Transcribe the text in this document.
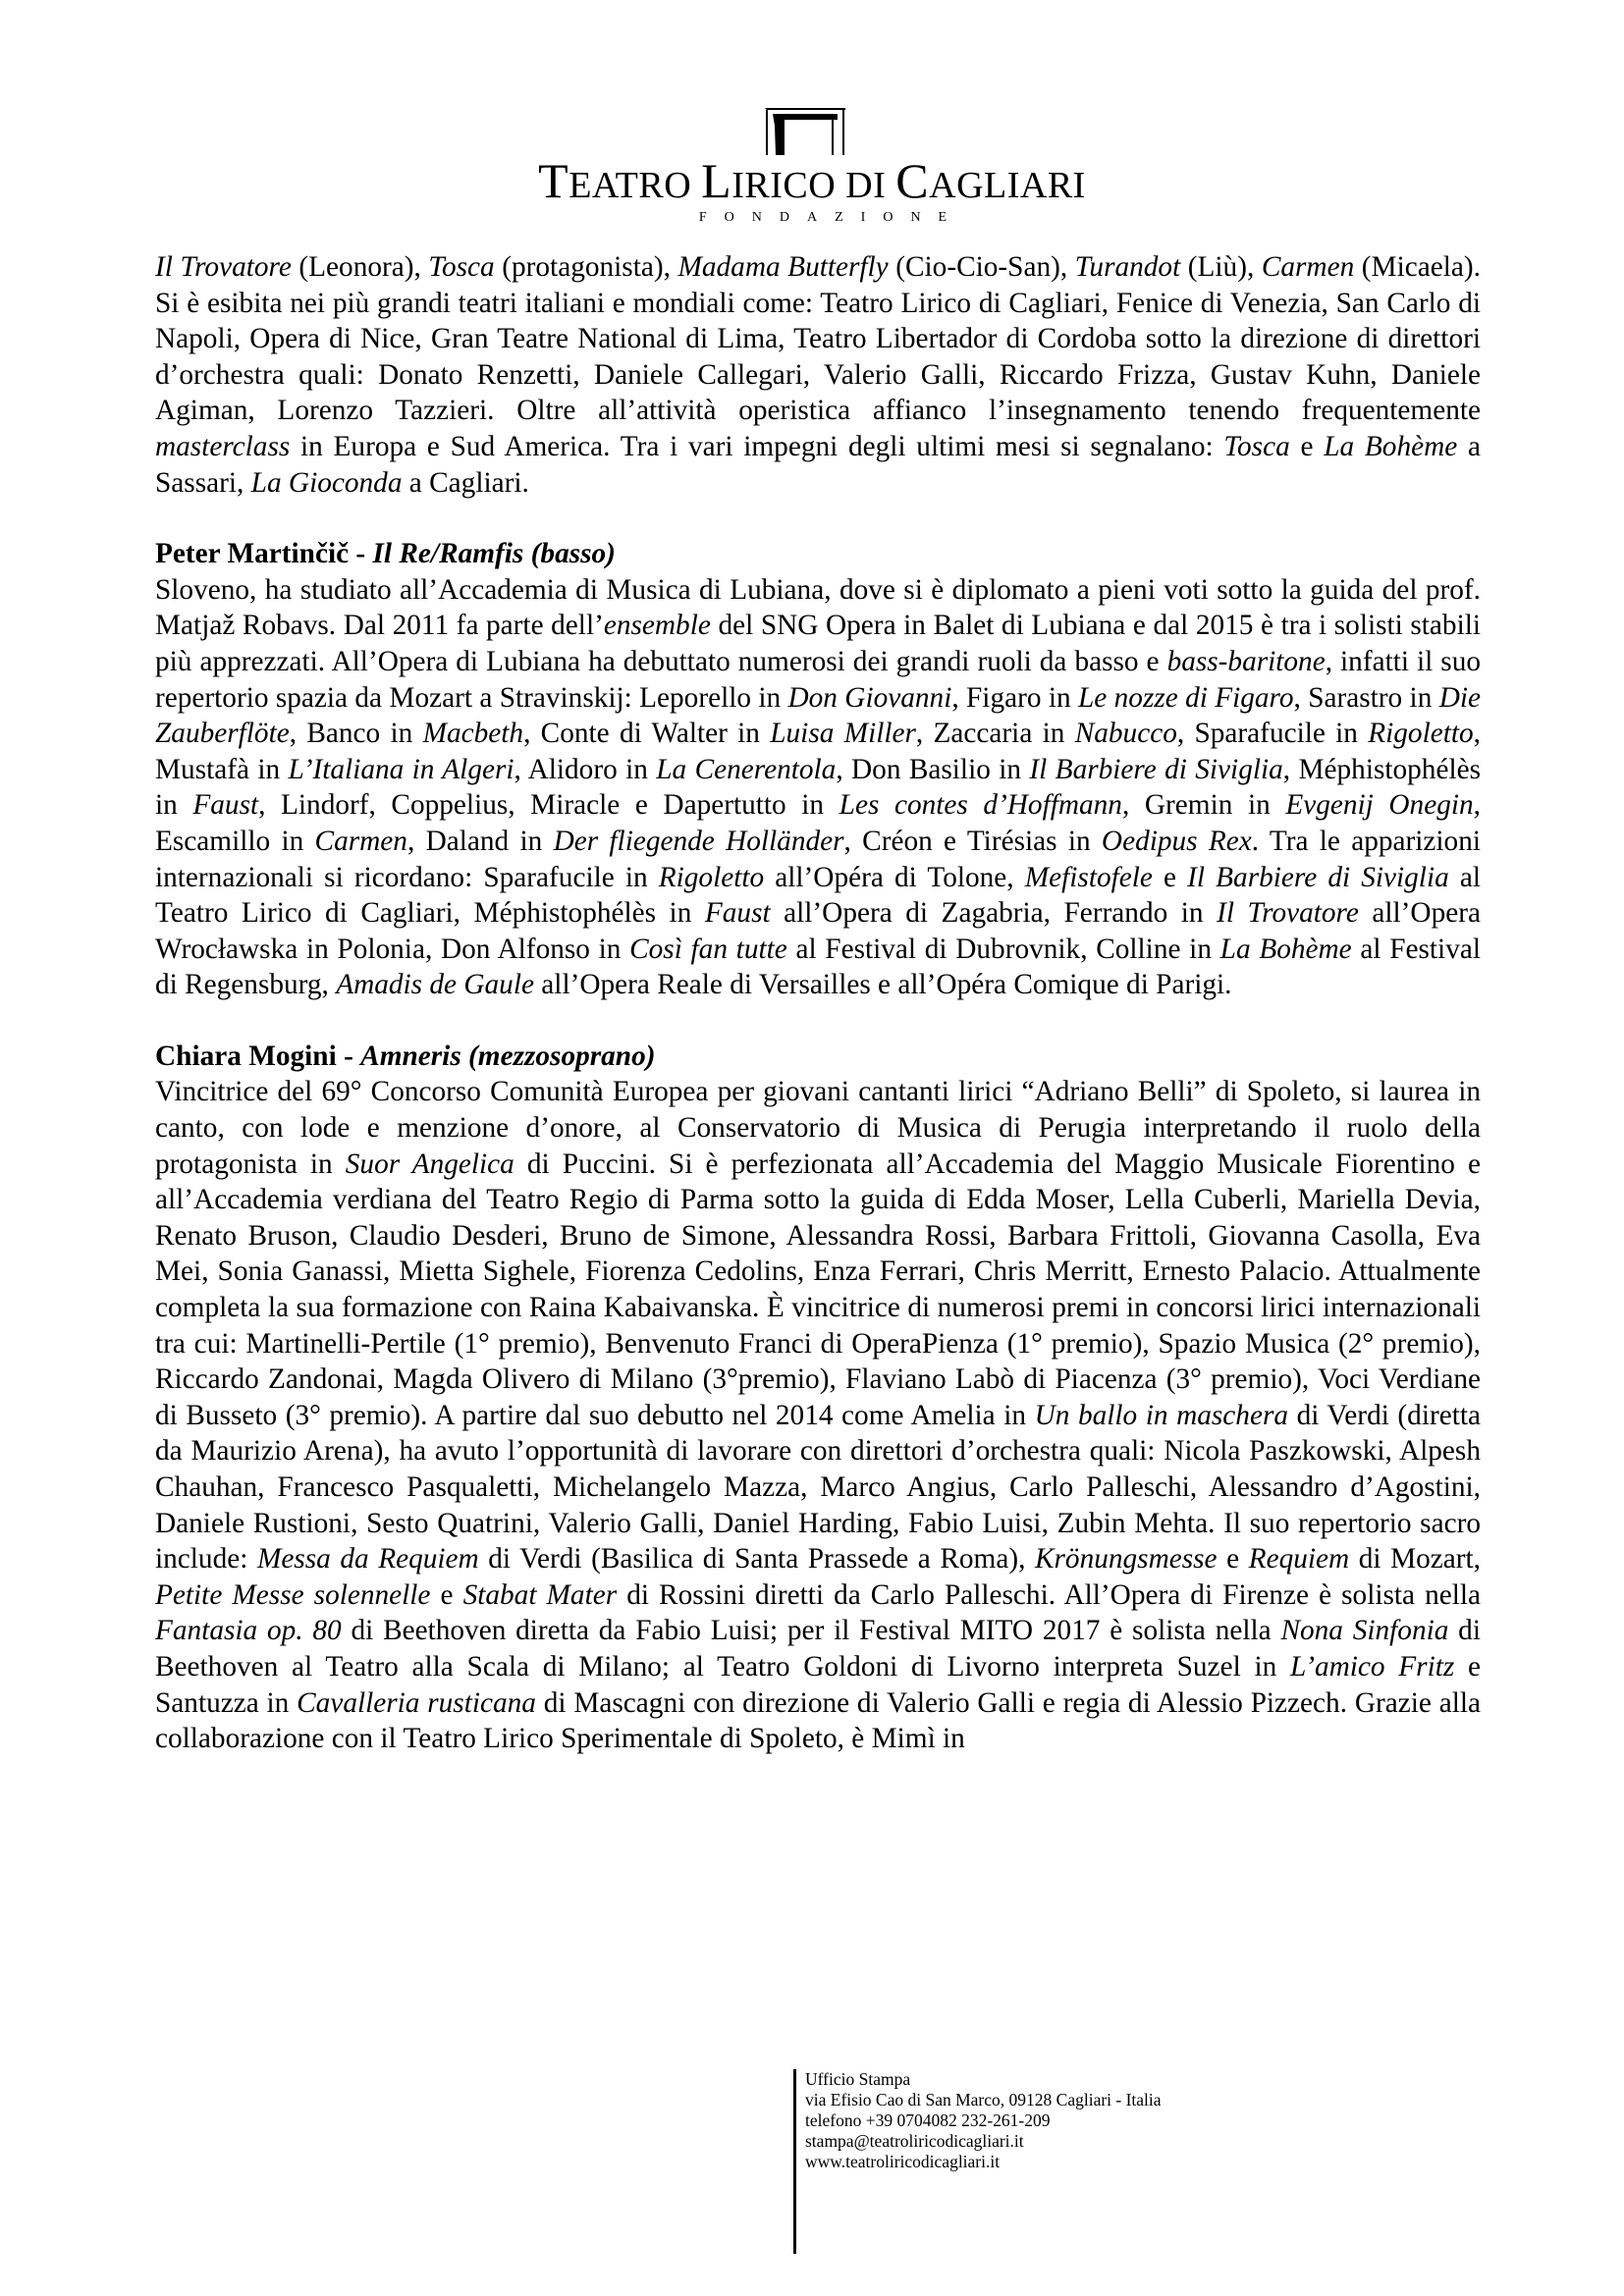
TEATRO LIRICO DI CAGLIARI
FONDAZIONE

Il Trovatore (Leonora), Tosca (protagonista), Madama Butterfly (Cio-Cio-San), Turandot (Liù), Carmen (Micaela). Si è esibita nei più grandi teatri italiani e mondiali come: Teatro Lirico di Cagliari, Fenice di Venezia, San Carlo di Napoli, Opera di Nice, Gran Teatre National di Lima, Teatro Libertador di Cordoba sotto la direzione di direttori d’orchestra quali: Donato Renzetti, Daniele Callegari, Valerio Galli, Riccardo Frizza, Gustav Kuhn, Daniele Agiman, Lorenzo Tazzieri. Oltre all’attività operistica affianco l’insegnamento tenendo frequentemente masterclass in Europa e Sud America. Tra i vari impegni degli ultimi mesi si segnalano: Tosca e La Bohème a Sassari, La Gioconda a Cagliari.

Peter Martinčič - Il Re/Ramfis (basso)

Sloveno, ha studiato all’Accademia di Musica di Lubiana, dove si è diplomato a pieni voti sotto la guida del prof. Matjaž Robavs. Dal 2011 fa parte dell’ensemble del SNG Opera in Balet di Lubiana e dal 2015 è tra i solisti stabili più apprezzati. All’Opera di Lubiana ha debuttato numerosi dei grandi ruoli da basso e bass-baritone, infatti il suo repertorio spazia da Mozart a Stravinskij: Leporello in Don Giovanni, Figaro in Le nozze di Figaro, Sarastro in Die Zauberflöte, Banco in Macbeth, Conte di Walter in Luisa Miller, Zaccaria in Nabucco, Sparafucile in Rigoletto, Mustafà in L’Italiana in Algeri, Alidoro in La Cenerentola, Don Basilio in Il Barbiere di Siviglia, Méphistophélès in Faust, Lindorf, Coppelius, Miracle e Dapertutto in Les contes d’Hoffmann, Gremin in Evgenij Onegin, Escamillo in Carmen, Daland in Der fliegende Holländer, Créon e Tirésias in Oedipus Rex. Tra le apparizioni internazionali si ricordano: Sparafucile in Rigoletto all’Opéra di Tolone, Mefistofele e Il Barbiere di Siviglia al Teatro Lirico di Cagliari, Méphistophélès in Faust all’Opera di Zagabria, Ferrando in Il Trovatore all’Opera Wrocławska in Polonia, Don Alfonso in Così fan tutte al Festival di Dubrovnik, Colline in La Bohème al Festival di Regensburg, Amadis de Gaule all’Opera Reale di Versailles e all’Opéra Comique di Parigi.

Chiara Mogini - Amneris (mezzosoprano)

Vincitrice del 69° Concorso Comunità Europea per giovani cantanti lirici “Adriano Belli” di Spoleto, si laurea in canto, con lode e menzione d’onore, al Conservatorio di Musica di Perugia interpretando il ruolo della protagonista in Suor Angelica di Puccini. Si è perfezionata all’Accademia del Maggio Musicale Fiorentino e all’Accademia verdiana del Teatro Regio di Parma sotto la guida di Edda Moser, Lella Cuberli, Mariella Devia, Renato Bruson, Claudio Desderi, Bruno de Simone, Alessandra Rossi, Barbara Frittoli, Giovanna Casolla, Eva Mei, Sonia Ganassi, Mietta Sighele, Fiorenza Cedolins, Enza Ferrari, Chris Merritt, Ernesto Palacio. Attualmente completa la sua formazione con Raina Kabaivanska. È vincitrice di numerosi premi in concorsi lirici internazionali tra cui: Martinelli-Pertile (1° premio), Benvenuto Franci di OperaPienza (1° premio), Spazio Musica (2° premio), Riccardo Zandonai, Magda Olivero di Milano (3°premio), Flaviano Labò di Piacenza (3° premio), Voci Verdiane di Busseto (3° premio). A partire dal suo debutto nel 2014 come Amelia in Un ballo in maschera di Verdi (diretta da Maurizio Arena), ha avuto l’opportunità di lavorare con direttori d’orchestra quali: Nicola Paszkowski, Alpesh Chauhan, Francesco Pasqualetti, Michelangelo Mazza, Marco Angius, Carlo Palleschi, Alessandro d’Agostini, Daniele Rustioni, Sesto Quatrini, Valerio Galli, Daniel Harding, Fabio Luisi, Zubin Mehta. Il suo repertorio sacro include: Messa da Requiem di Verdi (Basilica di Santa Prassede a Roma), Krönungsmesse e Requiem di Mozart, Petite Messe solennelle e Stabat Mater di Rossini diretti da Carlo Palleschi. All’Opera di Firenze è solista nella Fantasia op. 80 di Beethoven diretta da Fabio Luisi; per il Festival MITO 2017 è solista nella Nona Sinfonia di Beethoven al Teatro alla Scala di Milano; al Teatro Goldoni di Livorno interpreta Suzel in L’amico Fritz e Santuzza in Cavalleria rusticana di Mascagni con direzione di Valerio Galli e regia di Alessio Pizzech. Grazie alla collaborazione con il Teatro Lirico Sperimentale di Spoleto, è Mimì in

Ufficio Stampa
via Efisio Cao di San Marco, 09128 Cagliari - Italia
telefono +39 0704082 232-261-209
stampa@teatroliricodicagliari.it
www.teatroliricodicagliari.it
